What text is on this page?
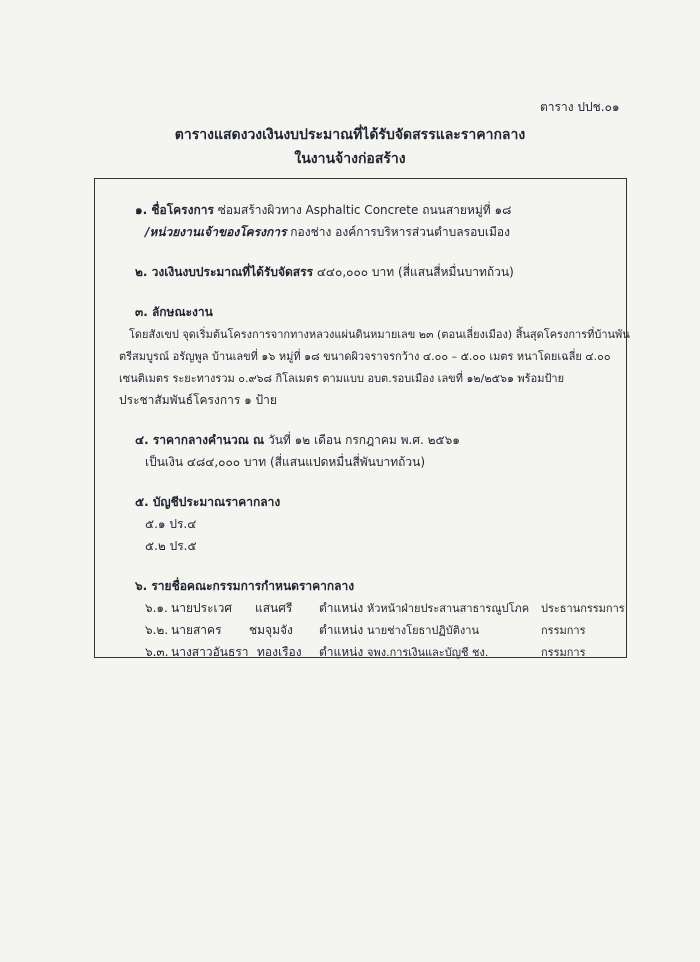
ตาราง ปปช.๐๑
ตารางแสดงวงเงินงบประมาณที่ได้รับจัดสรรและราคากลาง
ในงานจ้างก่อสร้าง
๑. ชื่อโครงการ ซ่อมสร้างผิวทาง Asphaltic Concrete ถนนสายหมู่ที่ ๑๘
/หน่วยงานเจ้าของโครงการ กองช่าง องค์การบริหารส่วนตำบลรอบเมือง
๒. วงเงินงบประมาณที่ได้รับจัดสรร ๔๔๐,๐๐๐ บาท (สี่แสนสี่หมื่นบาทถ้วน)
๓. ลักษณะงาน
โดยสังเขป จุดเริ่มต้นโครงการจากทางหลวงแผ่นดินหมายเลข ๒๓ (ตอนเลี่ยงเมือง) สิ้นสุดโครงการที่บ้านพัน
ตรีสมบูรณ์ อรัญพูล บ้านเลขที่ ๑๖ หมู่ที่ ๑๘ ขนาดผิวจราจรกว้าง ๔.๐๐ – ๕.๐๐ เมตร หนาโดยเฉลี่ย ๔.๐๐
เซนติเมตร ระยะทางรวม ๐.๙๖๘ กิโลเมตร ตามแบบ อบต.รอบเมือง เลขที่ ๑๒/๒๕๖๑ พร้อมป้าย
ประชาสัมพันธ์โครงการ ๑ ป้าย
๔. ราคากลางคำนวณ ณ วันที่ ๑๒ เดือน กรกฎาคม พ.ศ. ๒๕๖๑
เป็นเงิน ๔๘๔,๐๐๐ บาท (สี่แสนแปดหมื่นสี่พันบาทถ้วน)
๕. บัญชีประมาณราคากลาง
๕.๑ ปร.๔
๕.๒ ปร.๕
๖. รายชื่อคณะกรรมการกำหนดราคากลาง
๖.๑. นายประเวศ แสนศรี ตำแหน่ง หัวหน้าฝ่ายประสานสาธารณูปโภค ประธานกรรมการ
๖.๒. นายสาคร ชมจุมจัง ตำแหน่ง นายช่างโยธาปฏิบัติงาน	กรรมการ
๖.๓. นางสาวอันธรา ทองเรือง ตำแหน่ง จพง.การเงินและบัญชี ชง.	กรรมการ
